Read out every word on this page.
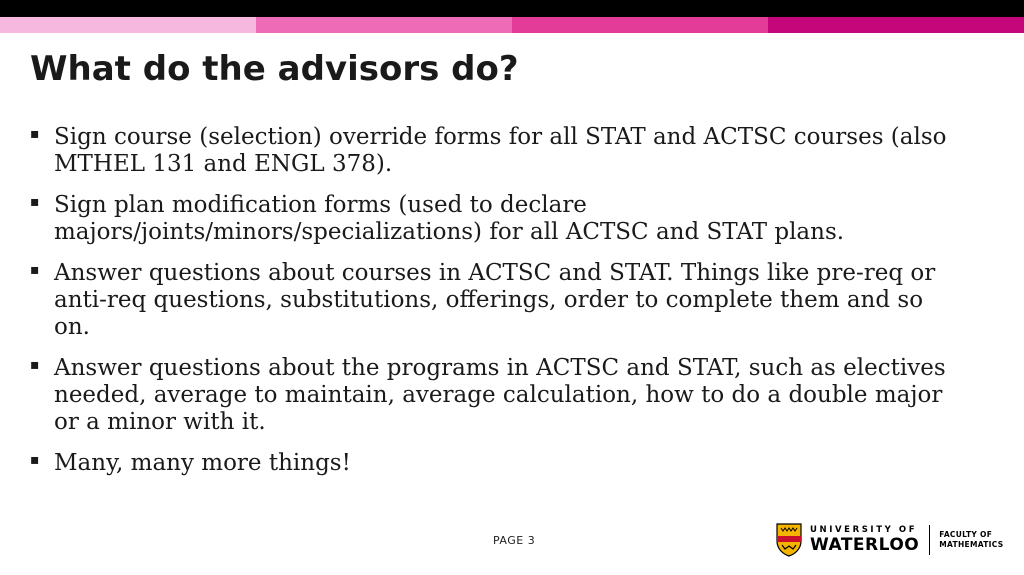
What do the advisors do?
▪ Sign course (selection) override forms for all STAT and ACTSC courses (also
MTHEL 131 and ENGL 378).
▪ Sign plan modification forms (used to declare
majors/joints/minors/specializations) for all ACTSC and STAT plans.
▪ Answer questions about courses in ACTSC and STAT. Things like pre-req or
anti-req questions, substitutions, offerings, order to complete them and so
on.
▪ Answer questions about the programs in ACTSC and STAT, such as electives
needed, average to maintain, average calculation, how to do a double major
or a minor with it.
▪ Many, many more things!
PAGE 3
UNIVERSITY OF
WATERLOO
FACULTY OF
MATHEMATICS
